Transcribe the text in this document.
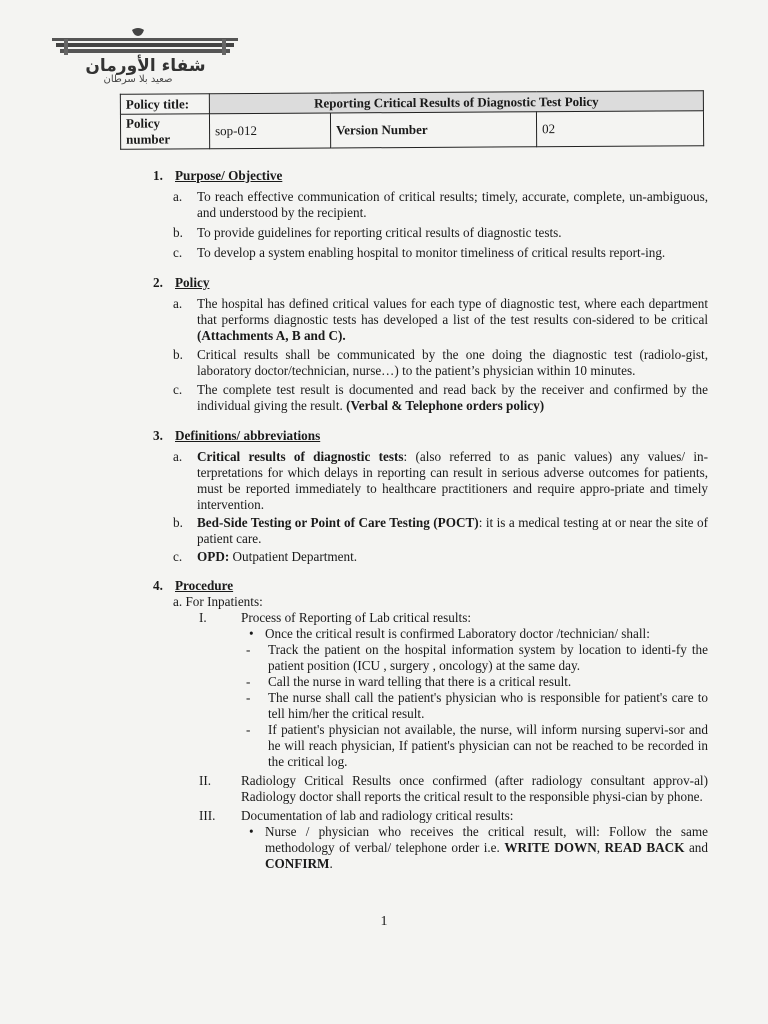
شفاء الأورمان
صعيد بلا سرطان
Policy title:	Reporting Critical Results of Diagnostic Test Policy		
Policy number	sop-012	Version Number	02
1. Purpose/ Objective
a. To reach effective communication of critical results; timely, accurate, complete, un-ambiguous, and understood by the recipient.
b. To provide guidelines for reporting critical results of diagnostic tests.
c. To develop a system enabling hospital to monitor timeliness of critical results report-ing.
2. Policy
a. The hospital has defined critical values for each type of diagnostic test, where each department that performs diagnostic tests has developed a list of the test results con-sidered to be critical (Attachments A, B and C).
b. Critical results shall be communicated by the one doing the diagnostic test (radiolo-gist, laboratory doctor/technician, nurse…) to the patient’s physician within 10 minutes.
c. The complete test result is documented and read back by the receiver and confirmed by the individual giving the result. (Verbal & Telephone orders policy)
3. Definitions/ abbreviations
a. Critical results of diagnostic tests: (also referred to as panic values) any values/ in-terpretations for which delays in reporting can result in serious adverse outcomes for patients, must be reported immediately to healthcare practitioners and require appro-priate and timely intervention.
b. Bed-Side Testing or Point of Care Testing (POCT): it is a medical testing at or near the site of patient care.
c. OPD: Outpatient Department.
4. Procedure
a. For Inpatients:
I.	Process of Reporting of Lab critical results:
• Once the critical result is confirmed Laboratory doctor /technician/ shall:
- Track the patient on the hospital information system by location to identi-fy the patient position (ICU , surgery , oncology) at the same day.
- Call the nurse in ward telling that there is a critical result.
- The nurse shall call the patient's physician who is responsible for patient's care to tell him/her the critical result.
- If patient's physician not available, the nurse, will inform nursing supervi-sor and he will reach physician, If patient's physician can not be reached to be recorded in the critical log.
II. Radiology Critical Results once confirmed (after radiology consultant approv-al) Radiology doctor shall reports the critical result to the responsible physi-cian by phone.
III. Documentation of lab and radiology critical results:
• Nurse / physician who receives the critical result, will: Follow the same methodology of verbal/ telephone order i.e. WRITE DOWN, READ BACK and CONFIRM.
1
